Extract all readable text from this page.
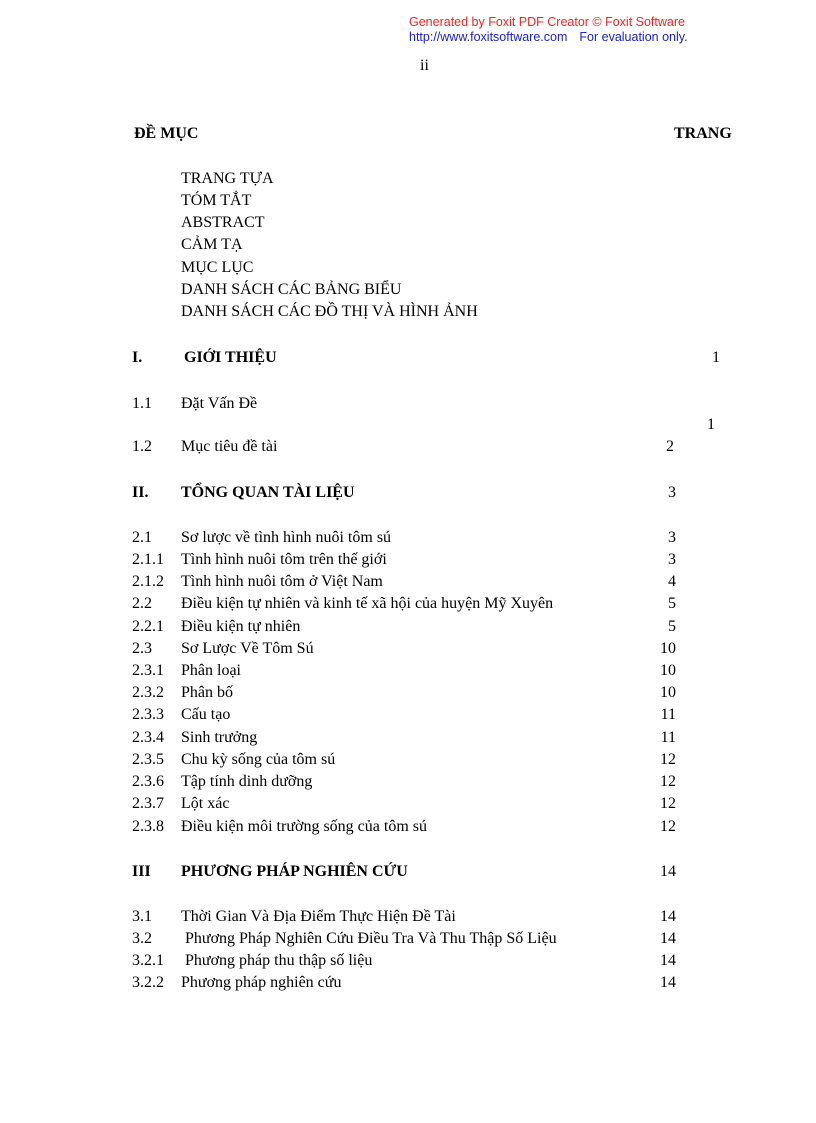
Generated by Foxit PDF Creator © Foxit Software
http://www.foxitsoftware.com For evaluation only.
ii
ĐỀ MỤC	TRANG
TRANG TỰA
TÓM TẮT
ABSTRACT
CẢM TẠ
MỤC LỤC
DANH SÁCH CÁC BẢNG BIỂU
DANH SÁCH CÁC ĐỒ THỊ VÀ HÌNH ẢNH
I.	GIỚI THIỆU	1
1.1 Đặt Vấn Đề
1
1.2 Mục tiêu đề tài	2
II. TỔNG QUAN TÀI LIỆU	3
2.1 Sơ lược về tình hình nuôi tôm sú	3
2.1.1 Tình hình nuôi tôm trên thế giới	3
2.1.2 Tình hình nuôi tôm ở Việt Nam	4
2.2 Điều kiện tự nhiên và kinh tế xã hội của huyện Mỹ Xuyên	5
2.2.1 Điều kiện tự nhiên	5
2.3 Sơ Lược Về Tôm Sú	10
2.3.1 Phân loại	10
2.3.2 Phân bố	10
2.3.3 Cấu tạo	11
2.3.4 Sinh trưởng	11
2.3.5 Chu kỳ sống của tôm sú	12
2.3.6 Tập tính dinh dưỡng	12
2.3.7 Lột xác	12
2.3.8 Điều kiện môi trường sống của tôm sú	12
III PHƯƠNG PHÁP NGHIÊN CỨU	14
3.1 Thời Gian Và Địa Điểm Thực Hiện Đề Tài	14
3.2 Phương Pháp Nghiên Cứu Điều Tra Và Thu Thập Số Liệu	14
3.2.1 Phương pháp thu thập số liệu	14
3.2.2 Phương pháp nghiên cứu	14
